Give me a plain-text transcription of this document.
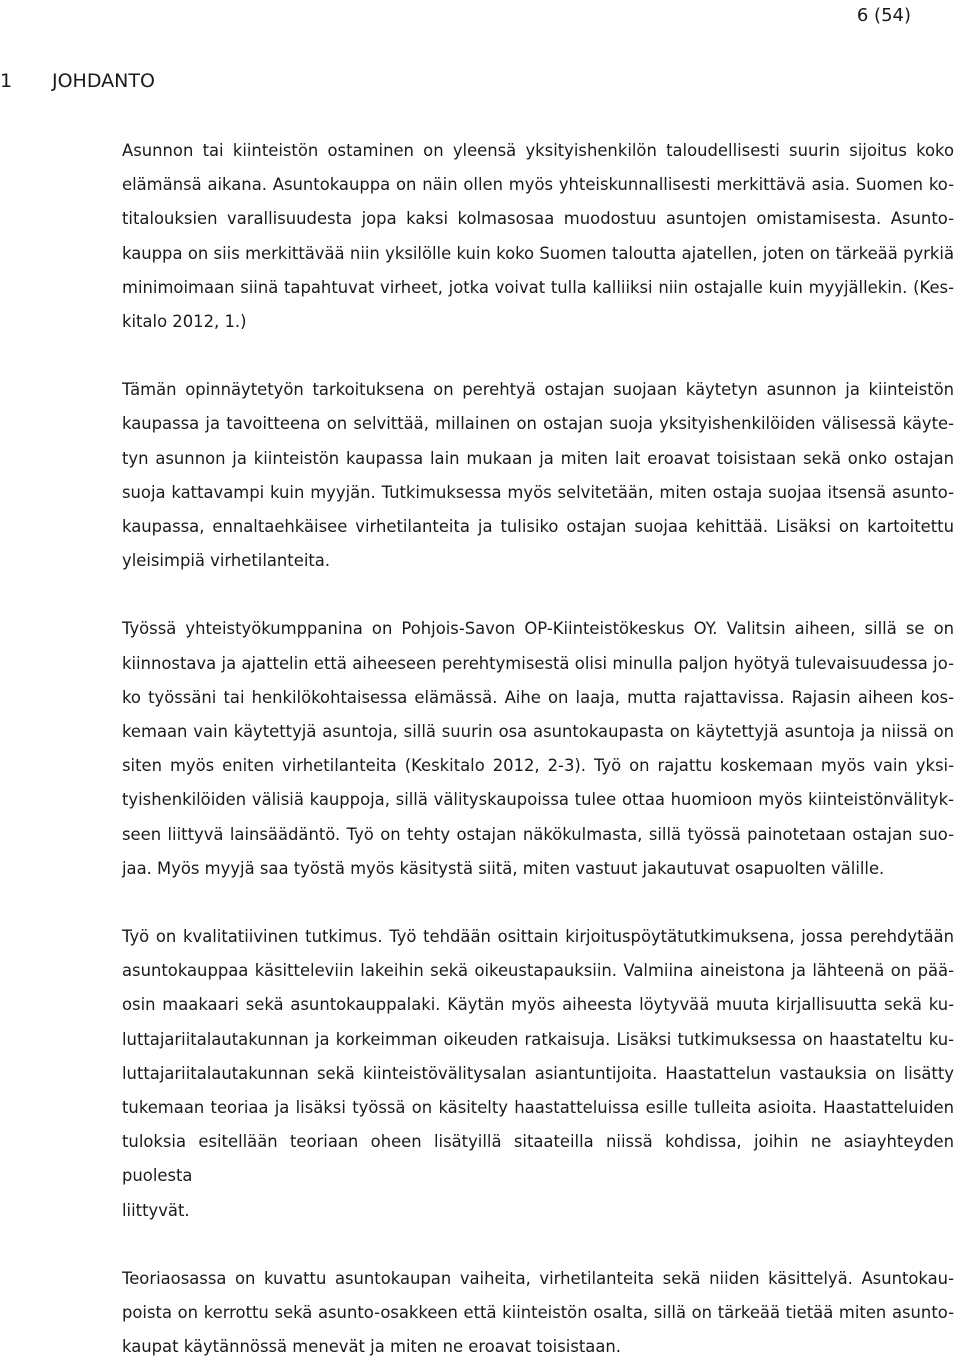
6 (54)
1 JOHDANTO

Asunnon tai kiinteistön ostaminen on yleensä yksityishenkilön taloudellisesti suurin sijoitus koko
elämänsä aikana. Asuntokauppa on näin ollen myös yhteiskunnallisesti merkittävä asia. Suomen ko-
titalouksien varallisuudesta jopa kaksi kolmasosaa muodostuu asuntojen omistamisesta. Asunto-
kauppa on siis merkittävää niin yksilölle kuin koko Suomen taloutta ajatellen, joten on tärkeää pyrkiä
minimoimaan siinä tapahtuvat virheet, jotka voivat tulla kalliiksi niin ostajalle kuin myyjällekin. (Kes-
kitalo 2012, 1.)

Tämän opinnäytetyön tarkoituksena on perehtyä ostajan suojaan käytetyn asunnon ja kiinteistön
kaupassa ja tavoitteena on selvittää, millainen on ostajan suoja yksityishenkilöiden välisessä käyte-
tyn asunnon ja kiinteistön kaupassa lain mukaan ja miten lait eroavat toisistaan sekä onko ostajan
suoja kattavampi kuin myyjän. Tutkimuksessa myös selvitetään, miten ostaja suojaa itsensä asunto-
kaupassa, ennaltaehkäisee virhetilanteita ja tulisiko ostajan suojaa kehittää. Lisäksi on kartoitettu
yleisimpiä virhetilanteita.

Työssä yhteistyökumppanina on Pohjois-Savon OP-Kiinteistökeskus OY. Valitsin aiheen, sillä se on
kiinnostava ja ajattelin että aiheeseen perehtymisestä olisi minulla paljon hyötyä tulevaisuudessa jo-
ko työssäni tai henkilökohtaisessa elämässä. Aihe on laaja, mutta rajattavissa. Rajasin aiheen kos-
kemaan vain käytettyjä asuntoja, sillä suurin osa asuntokaupasta on käytettyjä asuntoja ja niissä on
siten myös eniten virhetilanteita (Keskitalo 2012, 2-3). Työ on rajattu koskemaan myös vain yksi-
tyishenkilöiden välisiä kauppoja, sillä välityskaupoissa tulee ottaa huomioon myös kiinteistönvälityk-
seen liittyvä lainsäädäntö. Työ on tehty ostajan näkökulmasta, sillä työssä painotetaan ostajan suo-
jaa. Myös myyjä saa työstä myös käsitystä siitä, miten vastuut jakautuvat osapuolten välille.

Työ on kvalitatiivinen tutkimus. Työ tehdään osittain kirjoituspöytätutkimuksena, jossa perehdytään
asuntokauppaa käsitteleviin lakeihin sekä oikeustapauksiin. Valmiina aineistona ja lähteenä on pää-
osin maakaari sekä asuntokauppalaki. Käytän myös aiheesta löytyvää muuta kirjallisuutta sekä ku-
luttajariitalautakunnan ja korkeimman oikeuden ratkaisuja. Lisäksi tutkimuksessa on haastateltu ku-
luttajariitalautakunnan sekä kiinteistövälitysalan asiantuntijoita. Haastattelun vastauksia on lisätty
tukemaan teoriaa ja lisäksi työssä on käsitelty haastatteluissa esille tulleita asioita. Haastatteluiden
tuloksia esitellään teoriaan oheen lisätyillä sitaateilla niissä kohdissa, joihin ne asiayhteyden puolesta
liittyvät.

Teoriaosassa on kuvattu asuntokaupan vaiheita, virhetilanteita sekä niiden käsittelyä. Asuntokau-
poista on kerrottu sekä asunto-osakkeen että kiinteistön osalta, sillä on tärkeää tietää miten asunto-
kaupat käytännössä menevät ja miten ne eroavat toisistaan.
